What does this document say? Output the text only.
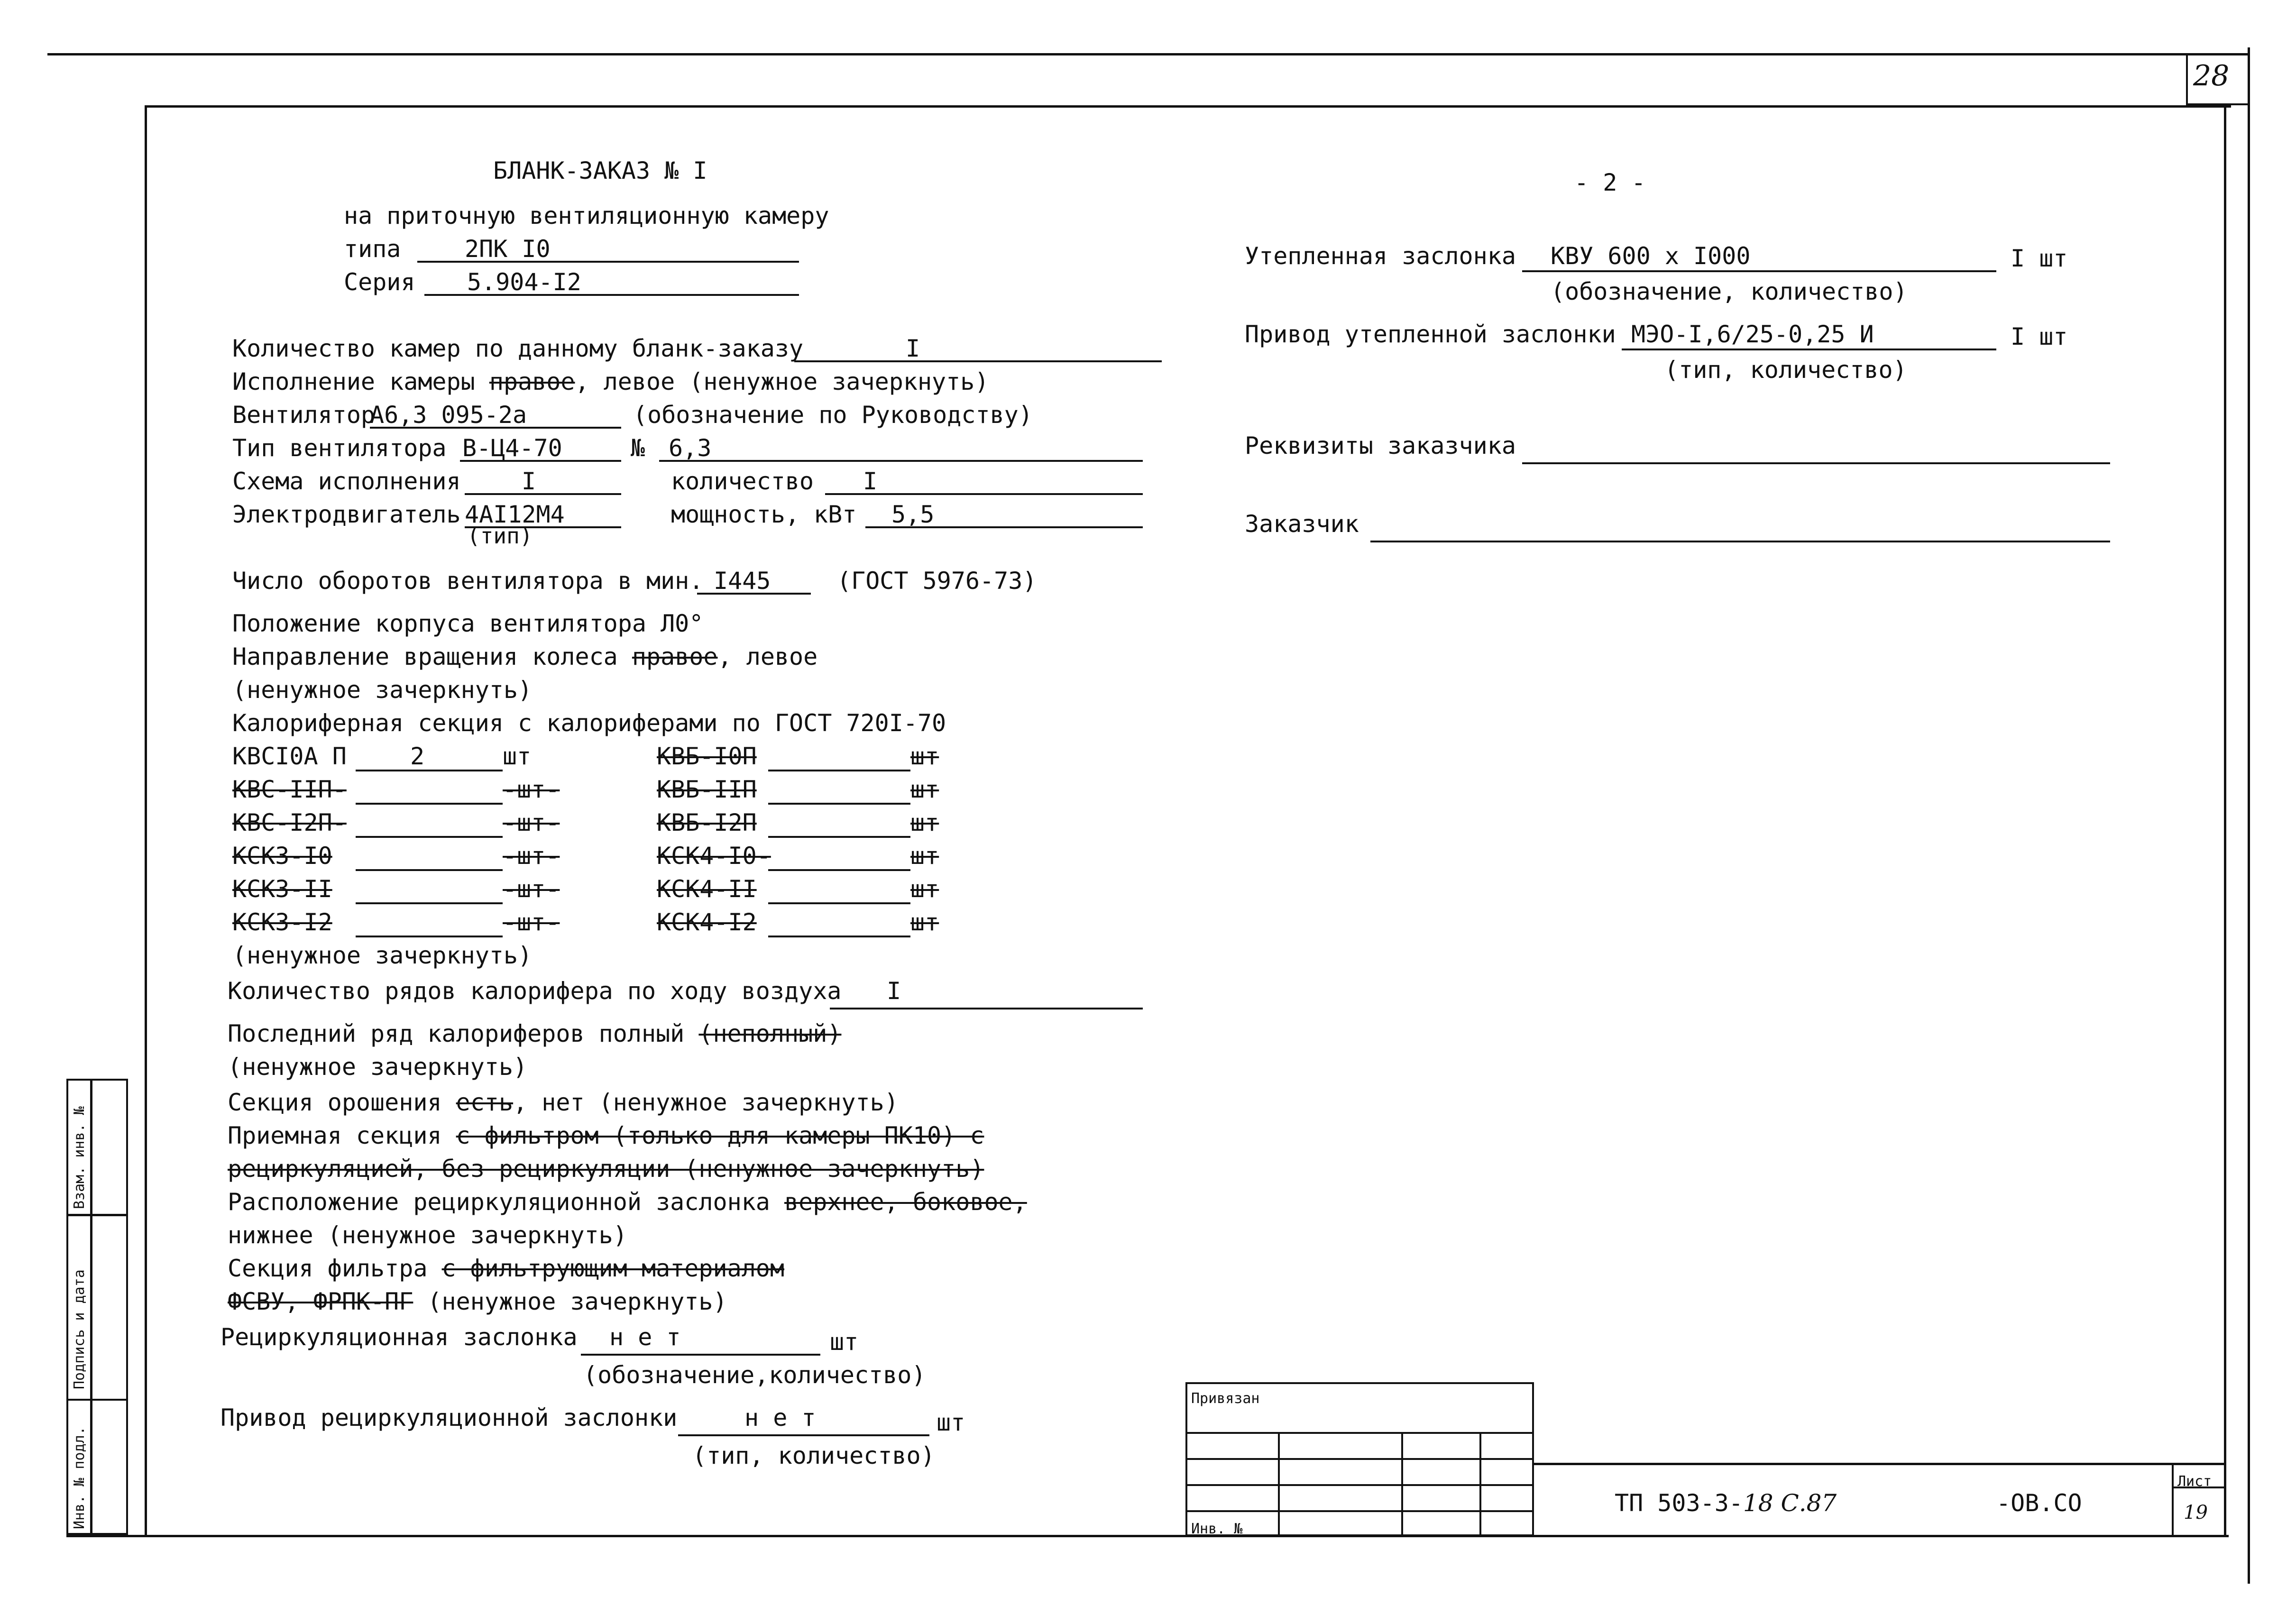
28
Инв. № подл.
Подпись и дата
Взам. инв. №
БЛАНК-ЗАКАЗ № I
на приточную вентиляционную камеру
типа	2ПК I0
Серия 5.904-I2
Количество камер по данному бланк-заказу	I
Исполнение камеры правое, левое (ненужное зачеркнуть)
Вентилятор
А6,3 095-2а	(обозначение по Руководству)
Тип вентилятора В-Ц4-70	№ 6,3
Схема исполнения	I	количество I
Электродвигатель 4АI12М4
(тип)
мощность, кВт 5,5
Число оборотов вентилятора в мин. I445	(ГОСТ 5976-73)
Положение корпуса вентилятора Л0°
Направление вращения колеса правое, левое
(ненужное зачеркнуть)
Калориферная секция с калориферами по ГОСТ 720I-70
КВСI0А П	2	шт	КВБ-I0П	шт
КВС-IIП-	-шт-	КВБ-IIП	шт
КВС-I2П-	-шт-	КВБ-I2П	шт
КСК3-I0	-шт-	КСК4-I0-	шт
КСК3-II	-шт-	КСК4-II	шт
КСК3-I2	-шт-	КСК4-I2	шт
(ненужное зачеркнуть)
Количество рядов калорифера по ходу воздуха I
Последний ряд калориферов полный (неполный)
(ненужное зачеркнуть)
Секция орошения есть, нет (ненужное зачеркнуть)
Приемная секция с фильтром (только для камеры ПК10) с
рециркуляцией, без рециркуляции (ненужное зачеркнуть)
Расположение рециркуляционной заслонка верхнее, боковое,
нижнее (ненужное зачеркнуть)
Секция фильтра с фильтрующим материалом
ФСВУ, ФРПК-ПГ (ненужное зачеркнуть)
Рециркуляционная заслонка н е т	шт
(обозначение,количество)
Привод рециркуляционной заслонки	н е т	шт
(тип, количество)
- 2 -
Утепленная заслонка КВУ 600 х I000	I шт
(обозначение, количество)
Привод утепленной заслонки МЭО-I,6/25-0,25 И	I шт
(тип, количество)
Реквизиты заказчика
Заказчик
Привязан
Инв. №
ТП 503-3-18 С.87	-ОВ.СО
Лист
19
